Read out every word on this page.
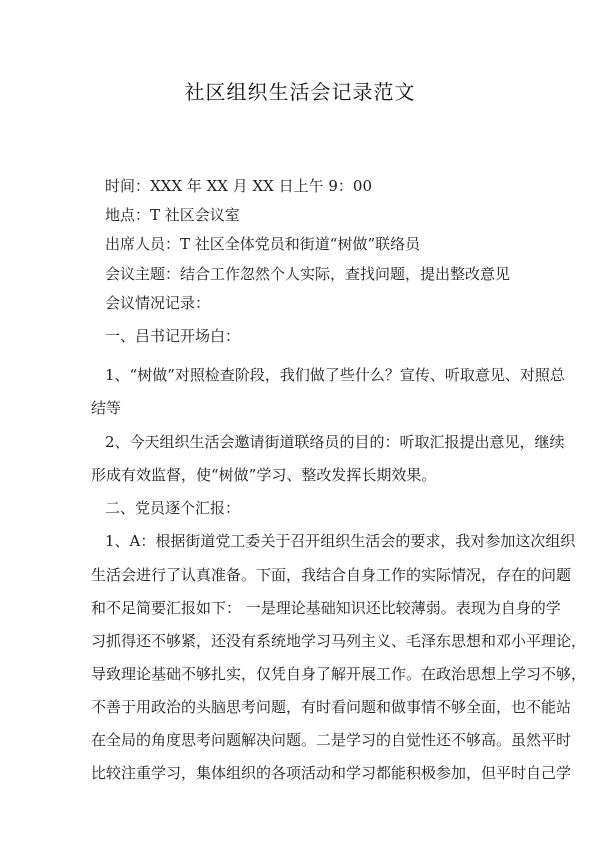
社区组织生活会记录范文
时间：XXX 年 XX 月 XX 日上午 9：00
地点：T 社区会议室
出席人员：T 社区全体党员和街道“树做”联络员
会议主题：结合工作忽然个人实际，查找问题，提出整改意见
会议情况记录：
一、吕书记开场白：
1、“树做”对照检查阶段，我们做了些什么？宣传、听取意见、对照总
结等
2、今天组织生活会邀请街道联络员的目的：听取汇报提出意见，继续
形成有效监督，使“树做”学习、整改发挥长期效果。
二、党员逐个汇报：
1、A：根据街道党工委关于召开组织生活会的要求，我对参加这次组织
生活会进行了认真准备。下面，我结合自身工作的实际情况，存在的问题
和不足简要汇报如下： 一是理论基础知识还比较薄弱。表现为自身的学
习抓得还不够紧，还没有系统地学习马列主义、毛泽东思想和邓小平理论，
导致理论基础不够扎实，仅凭自身了解开展工作。在政治思想上学习不够，
不善于用政治的头脑思考问题，有时看问题和做事情不够全面，也不能站
在全局的角度思考问题解决问题。二是学习的自觉性还不够高。虽然平时
比较注重学习，集体组织的各项活动和学习都能积极参加，但平时自己学
